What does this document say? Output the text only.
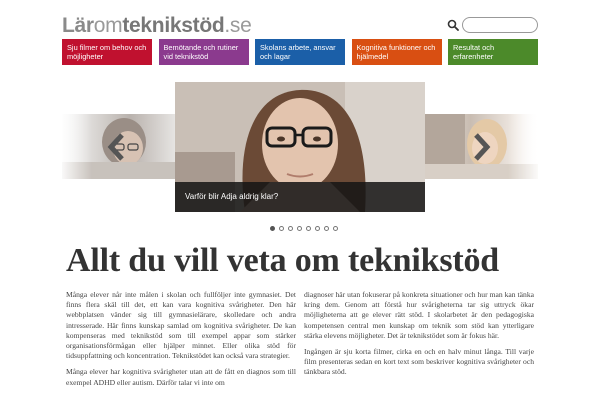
Läromteknikstöd.se
Sju filmer om behov och möjligheter
Bemötande och rutiner vid teknikstöd
Skolans arbete, ansvar och lagar
Kognitiva funktioner och hjälmedel
Resultat och erfarenheter
Varför blir Adja aldrig klar?
Allt du vill veta om teknikstöd

Många elever når inte målen i skolan och fullföljer inte gymnasiet. Det finns flera skäl till det, ett kan vara kognitiva svårigheter. Den här webbplatsen vänder sig till gymnasielärare, skolledare och andra intresserade. Här finns kunskap samlad om kognitiva svårigheter. De kan kompenseras med teknikstöd som till exempel appar som stärker organisationsförmågan eller hjälper minnet. Eller olika stöd för tidsuppfattning och koncentration. Teknikstödet kan också vara strategier.

Många elever har kognitiva svårigheter utan att de fått en diagnos som till exempel ADHD eller autism. Därför talar vi inte om

diagnoser här utan fokuserar på konkreta situationer och hur man kan tänka kring dem. Genom att förstå hur svårigheterna tar sig uttryck ökar möjligheterna att ge elever rätt stöd. I skolarbetet är den pedagogiska kompetensen central men kunskap om teknik som stöd kan ytterligare stärka elevens möjligheter. Det är teknikstödet som är fokus här.

Ingången är sju korta filmer, cirka en och en halv minut långa. Till varje film presenteras sedan en kort text som beskriver kognitiva svårigheter och tänkbara stöd.
